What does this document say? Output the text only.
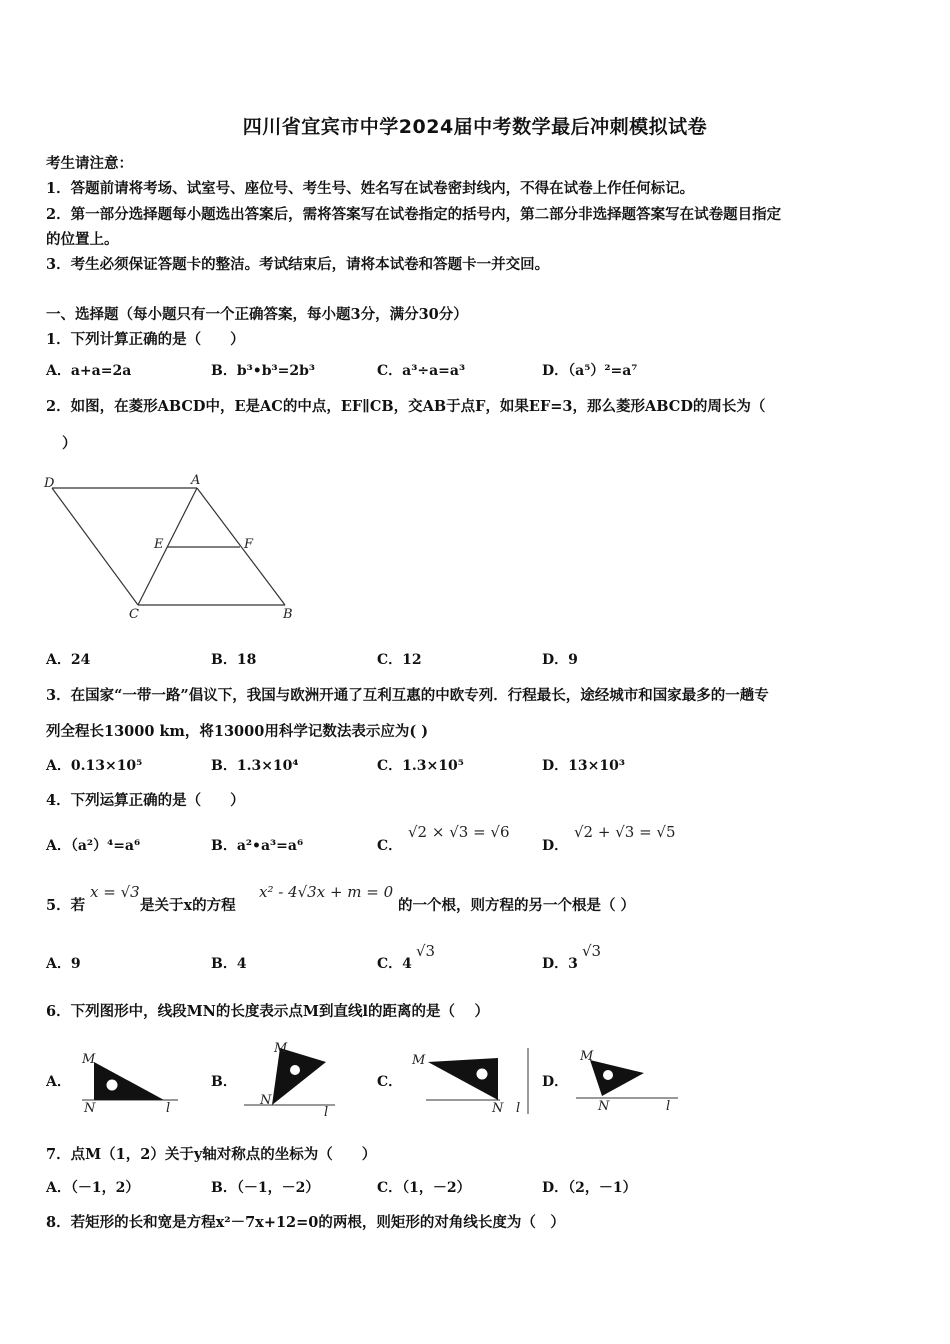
四川省宜宾市中学2024届中考数学最后冲刺模拟试卷
考生请注意：
1．答题前请将考场、试室号、座位号、考生号、姓名写在试卷密封线内，不得在试卷上作任何标记。
2．第一部分选择题每小题选出答案后，需将答案写在试卷指定的括号内，第二部分非选择题答案写在试卷题目指定
的位置上。
3．考生必须保证答题卡的整洁。考试结束后，请将本试卷和答题卡一并交回。
一、选择题（每小题只有一个正确答案，每小题3分，满分30分）
1．下列计算正确的是（　　）
A．a+a=2a	B．b³•b³=2b³	C．a³÷a=a³	D．（a⁵）²=a⁷
2．如图，在菱形ABCD中，E是AC的中点，EF∥CB，交AB于点F，如果EF=3，那么菱形ABCD的周长为（
）
D	A
E	F
C	B
A．24	B．18	C．12	D．9
3．在国家“一带一路”倡议下，我国与欧洲开通了互利互惠的中欧专列．行程最长，途经城市和国家最多的一趟专
列全程长13000 km，将13000用科学记数法表示应为( )
A．0.13×10⁵	B．1.3×10⁴	C．1.3×10⁵	D．13×10³
4．下列运算正确的是（　　）
A．（a²）⁴=a⁶	B．a²•a³=a⁶	C．
√2 × √3 = √6
D．
√2 + √3 = √5
5．若
x = √3
是关于x的方程
x² - 4√3x + m = 0
的一个根，则方程的另一个根是（ ）
A．9	B．4	C．4
√3
D．3
√3
6．下列图形中，线段MN的长度表示点M到直线l的距离的是（　 ）
A．
M
N	l
B．
M
N
l
C．
M
N l
D．
M
N	l
7．点M（1，2）关于y轴对称点的坐标为（　　）
A．（－1，2）	B．（－1，－2）	C．（1，－2）	D．（2，－1）
8．若矩形的长和宽是方程x²－7x+12=0的两根，则矩形的对角线长度为（　）
